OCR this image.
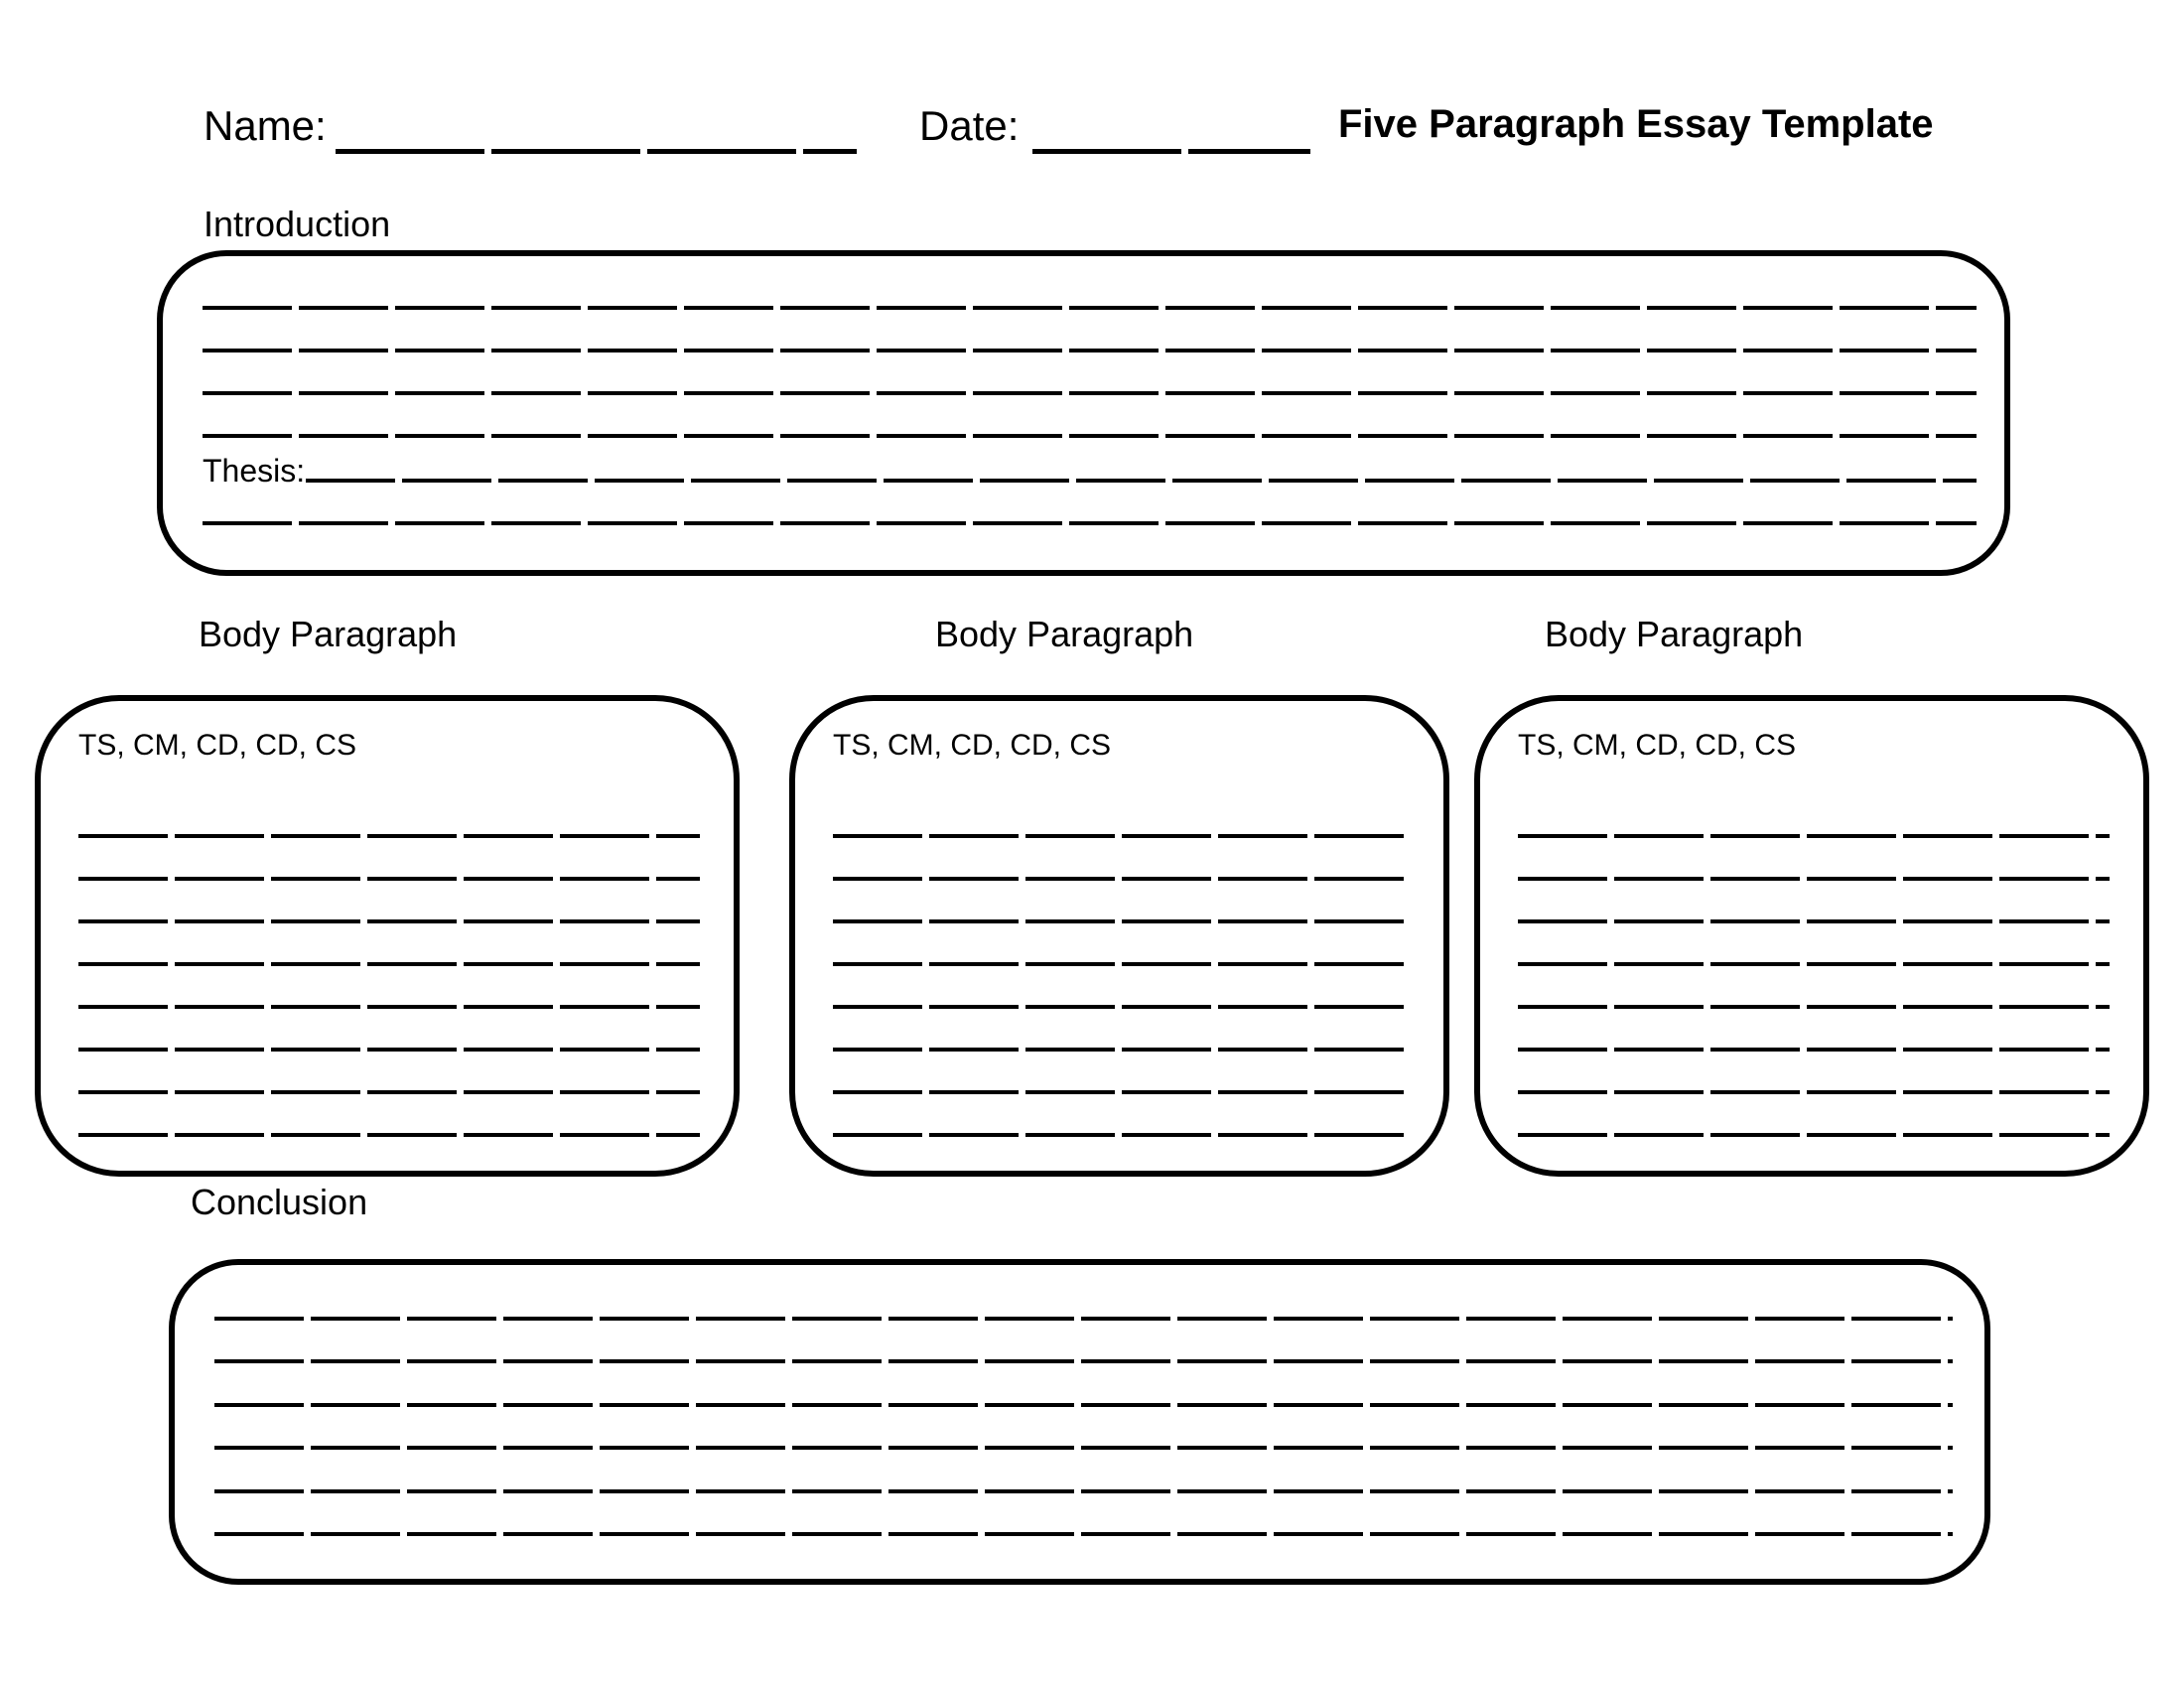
Name:	Date:	Five Paragraph Essay Template
Introduction
Thesis:
Body Paragraph	Body Paragraph	Body Paragraph
TS, CM, CD, CD, CS	TS, CM, CD, CD, CS	TS, CM, CD, CD, CS
Conclusion
